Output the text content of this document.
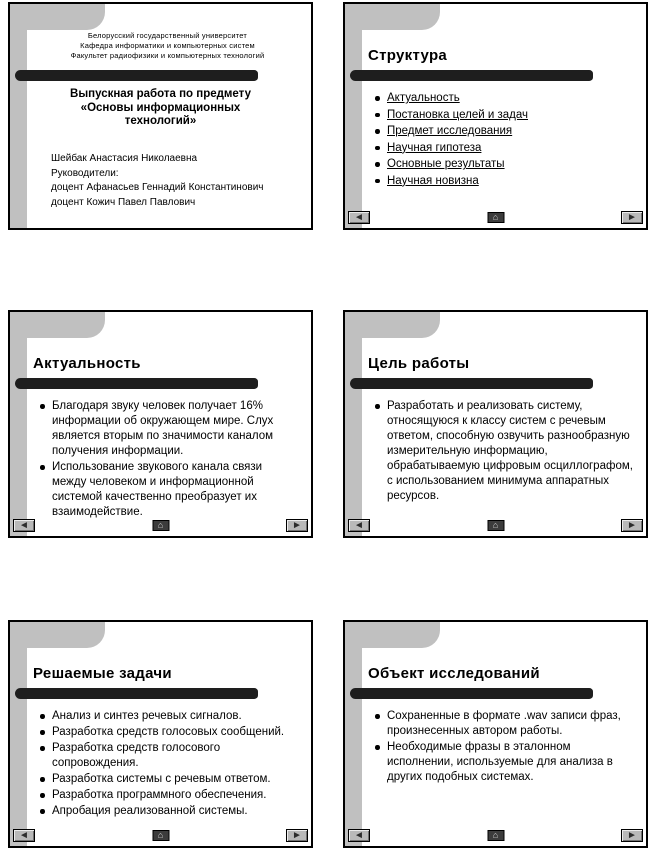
Белорусский государственный университет
Кафедра информатики и компьютерных систем
Факультет радиофизики и компьютерных технологий
Выпускная работа по предмету «Основы информационных технологий»
Шейбак Анастасия Николаевна
Руководители:
доцент Афанасьев Геннадий Константинович
доцент Кожич Павел Павлович
Структура
Актуальность
Постановка целей и задач
Предмет исследования
Научная гипотеза
Основные результаты
Научная новизна
◄	⌂	►
Актуальность
Благодаря звуку человек получает 16% информации об окружающем мире. Слух является вторым по значимости каналом получения информации.
Использование звукового канала связи между человеком и информационной системой качественно преобразует их взаимодействие.
◄	⌂	►
Цель работы
Разработать и реализовать систему, относящуюся к классу систем с речевым ответом, способную озвучить разнообразную измерительную информацию, обрабатываемую цифровым осциллографом, с использованием минимума аппаратных ресурсов.
◄	⌂	►
Решаемые задачи
Анализ и синтез речевых сигналов.
Разработка средств голосовых сообщений.
Разработка средств голосового сопровождения.
Разработка системы с речевым ответом.
Разработка программного обеспечения.
Апробация реализованной системы.
◄	⌂	►
Объект исследований
Сохраненные в формате .wav записи фраз, произнесенных автором работы.
Необходимые фразы в эталонном исполнении, используемые для анализа в других подобных системах.
◄	⌂	►
